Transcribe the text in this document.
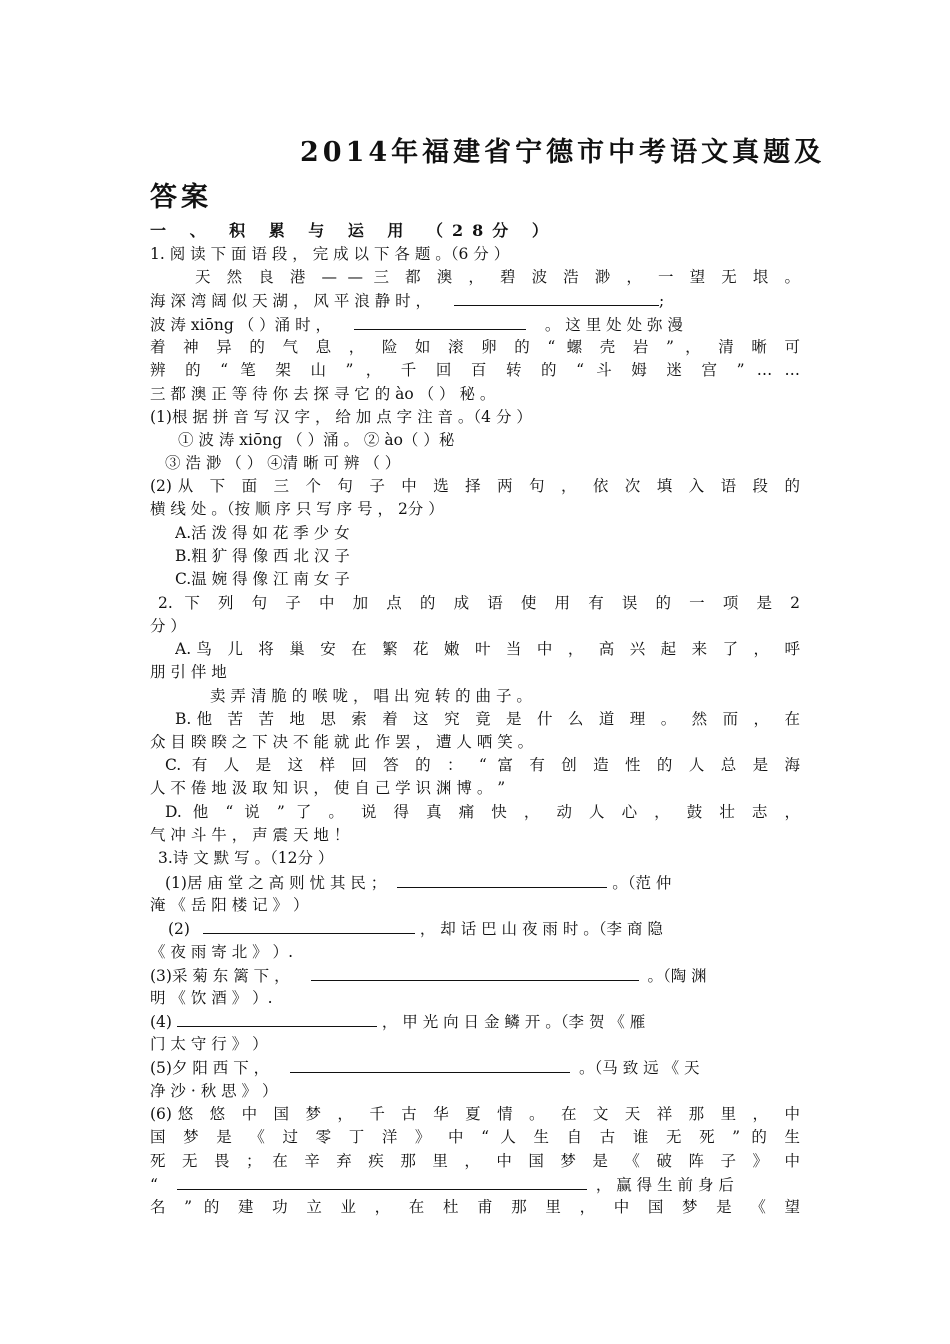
2014年福建省宁德市中考语文真题及
答案
一 、 积 累 与 运 用 （28分 ）
1. 阅 读 下 面 语 段 ， 完 成 以 下 各 题 。（6 分 ）
天 然 良 港 — — 三 都 澳 ， 碧 波 浩 渺 ， 一 望 无 垠 。
海 深 湾 阔 似 天 湖 ， 风 平 浪 静 时 ，	;
波 涛 xiōng （ ）涌 时 ，	。 这 里 处 处 弥 漫
着 神 异 的 气 息 ， 险 如 滚 卵 的 “ 螺 壳 岩 ” ， 清 晰 可
辨 的 “ 笔 架 山 ” ， 千 回 百 转 的 “ 斗 姆 迷 宫 ” … …
三 都 澳 正 等 待 你 去 探 寻 它 的 ào （ ） 秘 。
(1)根 据 拼 音 写 汉 字 ， 给 加 点 字 注 音 。（4 分 ）
① 波 涛 xiōng （ ）涌 。 ② ào（ ）秘
③ 浩 渺 （ ） ④清 晰 可 辨 （ ）
(2)从 下 面 三 个 句 子 中 选 择 两 句 ， 依 次 填 入 语 段 的
横 线 处 。（按 顺 序 只 写 序 号 ， 2分 ）
A.活 泼 得 如 花 季 少 女
B.粗 犷 得 像 西 北 汉 子
C.温 婉 得 像 江 南 女 子
2. 下 列 句 子 中 加 点 的 成 语 使 用 有 误 的 一 项 是 2
分 ）
A.鸟 儿 将 巢 安 在 繁 花 嫩 叶 当 中 ， 高 兴 起 来 了 ， 呼
朋 引 伴 地
卖 弄 清 脆 的 喉 咙 ， 唱 出 宛 转 的 曲 子 。
B.他 苦 苦 地 思 索 着 这 究 竟 是 什 么 道 理 。 然 而 ， 在
众 目 睽 睽 之 下 决 不 能 就 此 作 罢 ， 遭 人 哂 笑 。
C. 有 人 是 这 样 回 答 的 ： “ 富 有 创 造 性 的 人 总 是 海
人 不 倦 地 汲 取 知 识 ， 使 自 己 学 识 渊 博 。 ”
D. 他 “ 说 ” 了 。 说 得 真 痛 快 ， 动 人 心 ， 鼓 壮 志 ，
气 冲 斗 牛 ， 声 震 天 地 ！
3.诗 文 默 写 。（12分 ）
(1)居 庙 堂 之 高 则 忧 其 民 ；	。（范 仲
淹 《 岳 阳 楼 记 》 ）
(2)	， 却 话 巴 山 夜 雨 时 。（李 商 隐
《 夜 雨 寄 北 》 ）.
(3)采 菊 东 篱 下 ，	。（陶 渊
明 《 饮 酒 》 ）.
(4)	， 甲 光 向 日 金 鳞 开 。（李 贺 《 雁
门 太 守 行 》 ）
(5)夕 阳 西 下 ，	。（马 致 远 《 天
净 沙 · 秋 思 》 ）
(6)悠 悠 中 国 梦 ， 千 古 华 夏 情 。 在 文 天 祥 那 里 ， 中
国 梦 是 《 过 零 丁 洋 》 中 “ 人 生 自 古 谁 无 死 ” 的 生
死 无 畏 ； 在 辛 弃 疾 那 里 ， 中 国 梦 是 《 破 阵 子 》 中
“	， 赢 得 生 前 身 后
名 ” 的 建 功 立 业 ， 在 杜 甫 那 里 ， 中 国 梦 是 《 望
